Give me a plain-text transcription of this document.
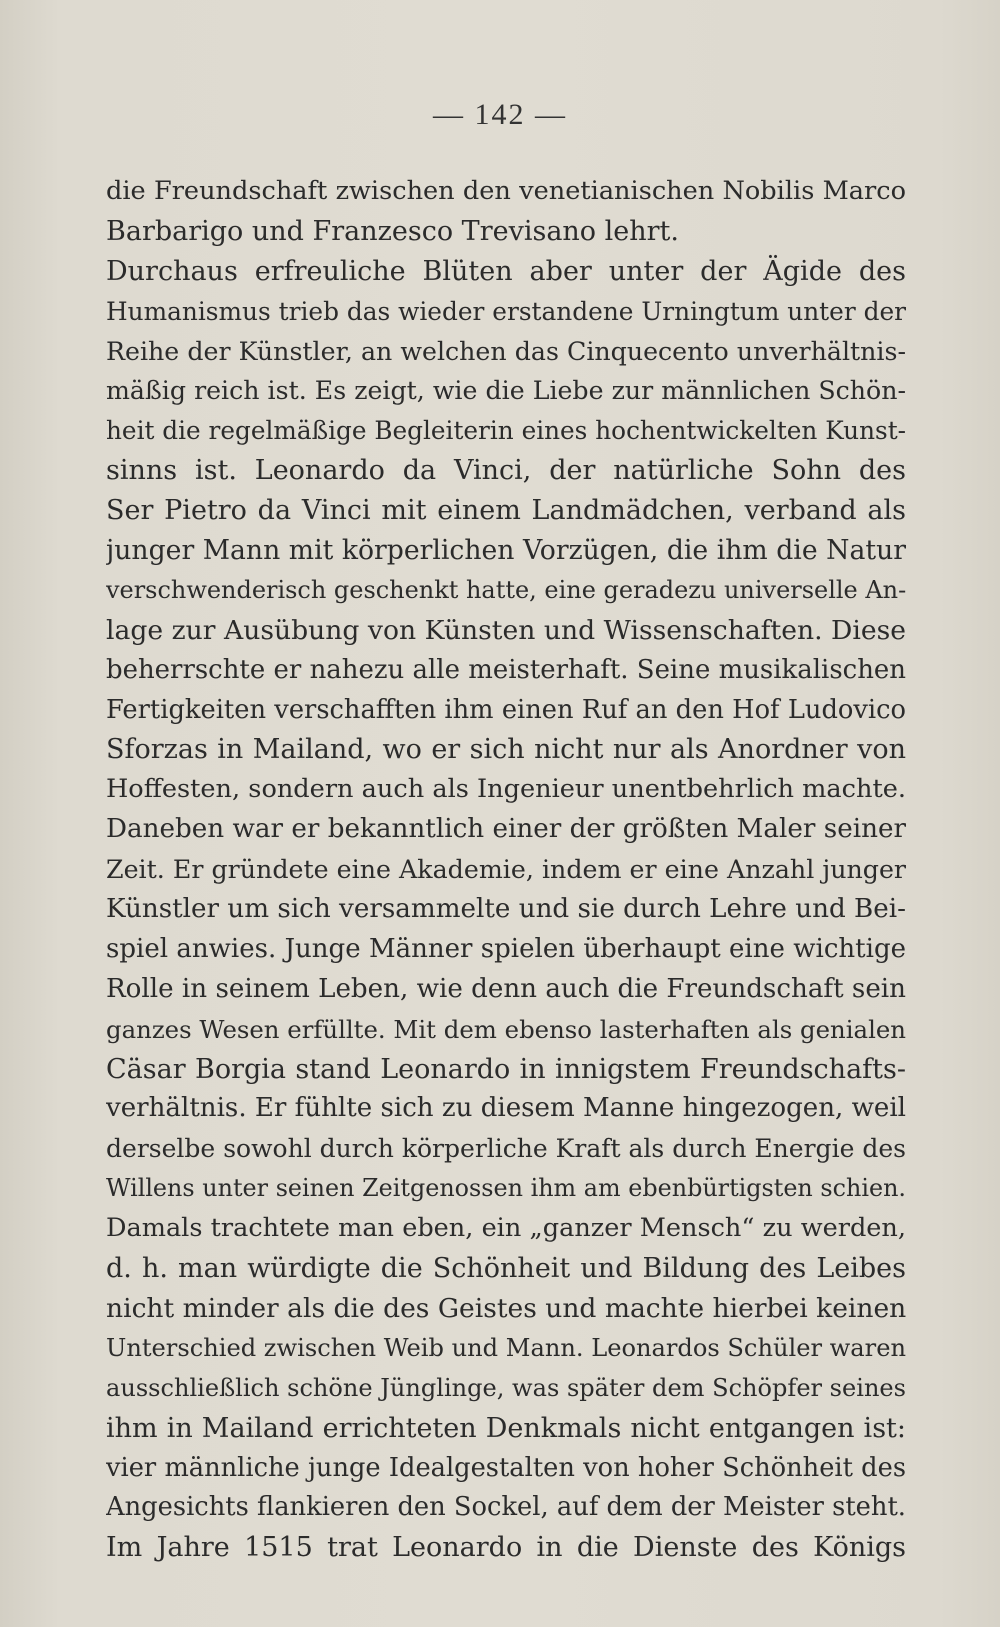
— 142 —
die Freundschaft zwischen den venetianischen Nobilis Marco
Barbarigo und Franzesco Trevisano lehrt.
Durchaus erfreuliche Blüten aber unter der Ägide des
Humanismus trieb das wieder erstandene Urningtum unter der
Reihe der Künstler, an welchen das Cinquecento unverhältnis-
mäßig reich ist. Es zeigt, wie die Liebe zur männlichen Schön-
heit die regelmäßige Begleiterin eines hochentwickelten Kunst-
sinns ist. Leonardo da Vinci, der natürliche Sohn des
Ser Pietro da Vinci mit einem Landmädchen, verband als
junger Mann mit körperlichen Vorzügen, die ihm die Natur
verschwenderisch geschenkt hatte, eine geradezu universelle An-
lage zur Ausübung von Künsten und Wissenschaften. Diese
beherrschte er nahezu alle meisterhaft. Seine musikalischen
Fertigkeiten verschafften ihm einen Ruf an den Hof Ludovico
Sforzas in Mailand, wo er sich nicht nur als Anordner von
Hoffesten, sondern auch als Ingenieur unentbehrlich machte.
Daneben war er bekanntlich einer der größten Maler seiner
Zeit. Er gründete eine Akademie, indem er eine Anzahl junger
Künstler um sich versammelte und sie durch Lehre und Bei-
spiel anwies. Junge Männer spielen überhaupt eine wichtige
Rolle in seinem Leben, wie denn auch die Freundschaft sein
ganzes Wesen erfüllte. Mit dem ebenso lasterhaften als genialen
Cäsar Borgia stand Leonardo in innigstem Freundschafts-
verhältnis. Er fühlte sich zu diesem Manne hingezogen, weil
derselbe sowohl durch körperliche Kraft als durch Energie des
Willens unter seinen Zeitgenossen ihm am ebenbürtigsten schien.
Damals trachtete man eben, ein „ganzer Mensch“ zu werden,
d. h. man würdigte die Schönheit und Bildung des Leibes
nicht minder als die des Geistes und machte hierbei keinen
Unterschied zwischen Weib und Mann. Leonardos Schüler waren
ausschließlich schöne Jünglinge, was später dem Schöpfer seines
ihm in Mailand errichteten Denkmals nicht entgangen ist:
vier männliche junge Idealgestalten von hoher Schönheit des
Angesichts flankieren den Sockel, auf dem der Meister steht.
Im Jahre 1515 trat Leonardo in die Dienste des Königs
